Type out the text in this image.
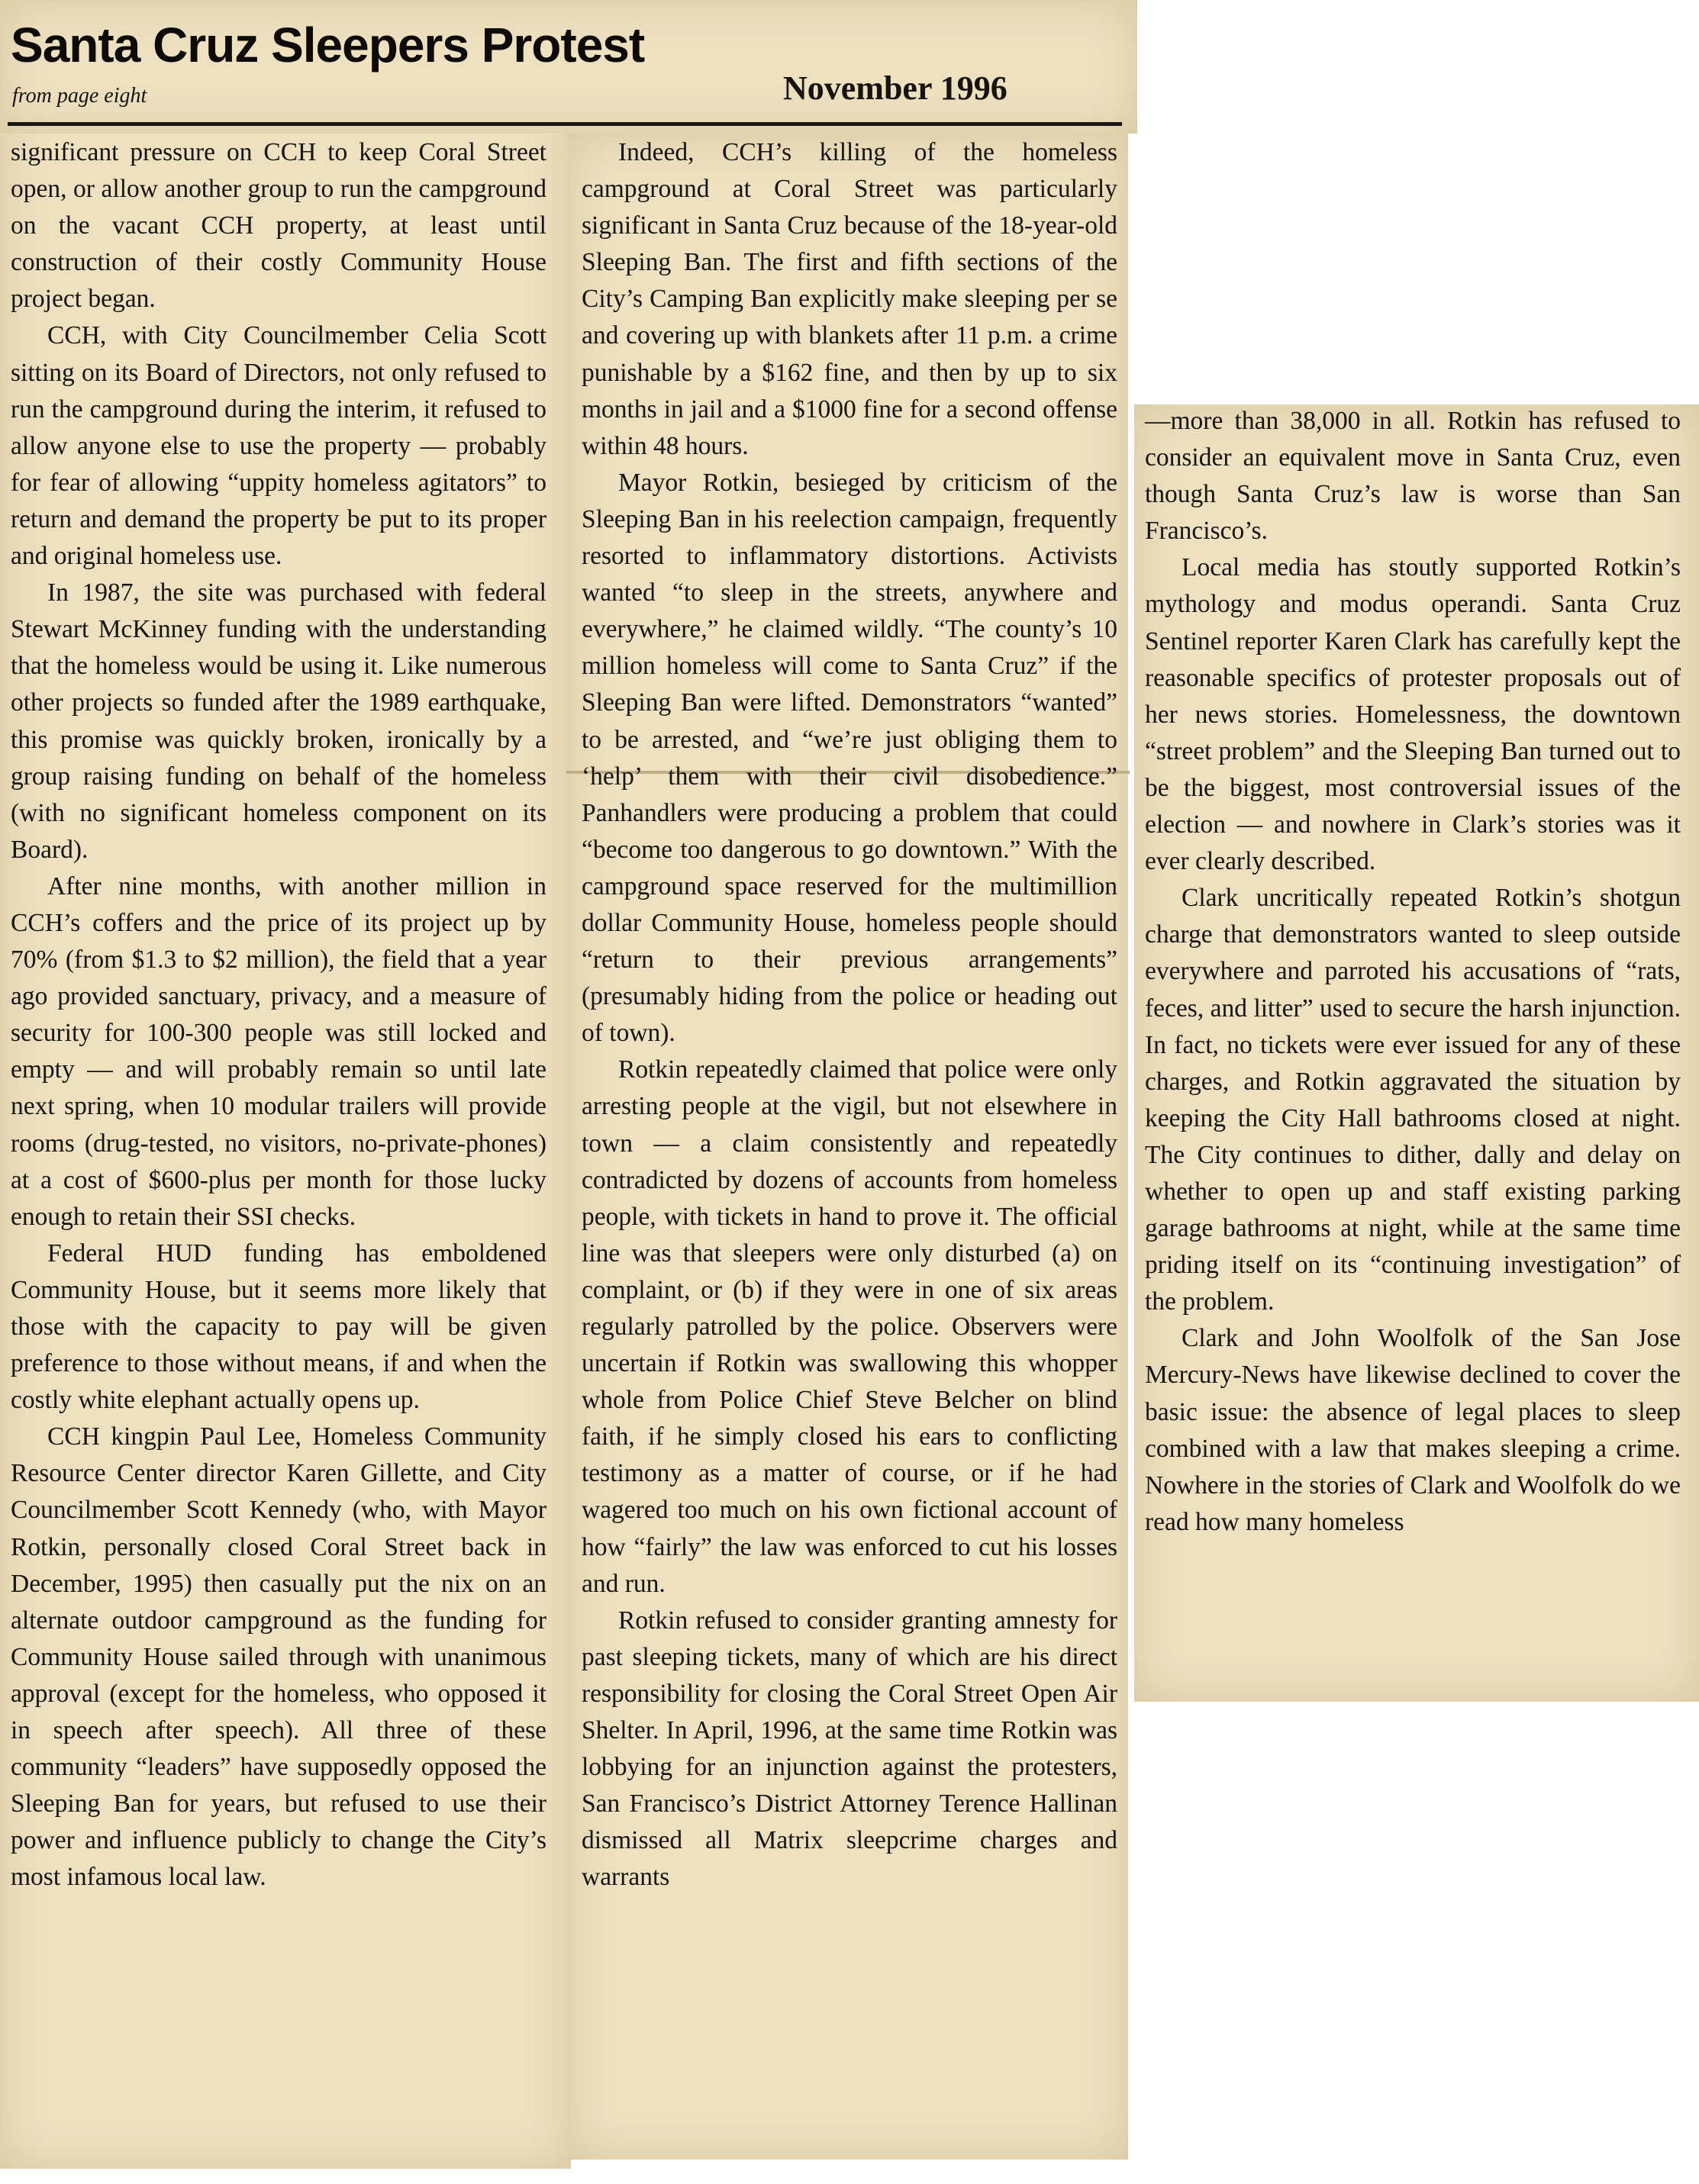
Santa Cruz Sleepers Protest
from page eight	November 1996

significant pressure on CCH to keep Coral Street open, or allow another group to run the campground on the vacant CCH property, at least until construction of their costly Community House project began.

CCH, with City Councilmember Celia Scott sitting on its Board of Directors, not only refused to run the campground during the interim, it refused to allow anyone else to use the property — probably for fear of allowing “uppity homeless agitators” to return and demand the property be put to its proper and original homeless use.

In 1987, the site was purchased with federal Stewart McKinney funding with the understanding that the homeless would be using it. Like numerous other projects so funded after the 1989 earthquake, this promise was quickly broken, ironically by a group raising funding on behalf of the homeless (with no significant homeless component on its Board).

After nine months, with another million in CCH’s coffers and the price of its project up by 70% (from $1.3 to $2 million), the field that a year ago provided sanctuary, privacy, and a measure of security for 100-300 people was still locked and empty — and will probably remain so until late next spring, when 10 modular trailers will provide rooms (drug-tested, no visitors, no-private-phones) at a cost of $600-plus per month for those lucky enough to retain their SSI checks.

Federal HUD funding has emboldened Community House, but it seems more likely that those with the capacity to pay will be given preference to those without means, if and when the costly white elephant actually opens up.

CCH kingpin Paul Lee, Homeless Community Resource Center director Karen Gillette, and City Councilmember Scott Kennedy (who, with Mayor Rotkin, personally closed Coral Street back in December, 1995) then casually put the nix on an alternate outdoor campground as the funding for Community House sailed through with unanimous approval (except for the homeless, who opposed it in speech after speech). All three of these community “leaders” have supposedly opposed the Sleeping Ban for years, but refused to use their power and influence publicly to change the City’s most infamous local law.

Indeed, CCH’s killing of the homeless campground at Coral Street was particularly significant in Santa Cruz because of the 18-year-old Sleeping Ban. The first and fifth sections of the City’s Camping Ban explicitly make sleeping per se and covering up with blankets after 11 p.m. a crime punishable by a $162 fine, and then by up to six months in jail and a $1000 fine for a second offense within 48 hours.

Mayor Rotkin, besieged by criticism of the Sleeping Ban in his reelection campaign, frequently resorted to inflammatory distortions. Activists wanted “to sleep in the streets, anywhere and everywhere,” he claimed wildly. “The county’s 10 million homeless will come to Santa Cruz” if the Sleeping Ban were lifted. Demonstrators “wanted” to be arrested, and “we’re just obliging them to ‘help’ them with their civil disobedience.” Panhandlers were producing a problem that could “become too dangerous to go downtown.” With the campground space reserved for the multimillion dollar Community House, homeless people should “return to their previous arrangements” (presumably hiding from the police or heading out of town).

Rotkin repeatedly claimed that police were only arresting people at the vigil, but not elsewhere in town — a claim consistently and repeatedly contradicted by dozens of accounts from homeless people, with tickets in hand to prove it. The official line was that sleepers were only disturbed (a) on complaint, or (b) if they were in one of six areas regularly patrolled by the police. Observers were uncertain if Rotkin was swallowing this whopper whole from Police Chief Steve Belcher on blind faith, if he simply closed his ears to conflicting testimony as a matter of course, or if he had wagered too much on his own fictional account of how “fairly” the law was enforced to cut his losses and run.

Rotkin refused to consider granting amnesty for past sleeping tickets, many of which are his direct responsibility for closing the Coral Street Open Air Shelter. In April, 1996, at the same time Rotkin was lobbying for an injunction against the protesters, San Francisco’s District Attorney Terence Hallinan dismissed all Matrix sleepcrime charges and warrants

—more than 38,000 in all. Rotkin has refused to consider an equivalent move in Santa Cruz, even though Santa Cruz’s law is worse than San Francisco’s.

Local media has stoutly supported Rotkin’s mythology and modus operandi. Santa Cruz Sentinel reporter Karen Clark has carefully kept the reasonable specifics of protester proposals out of her news stories. Homelessness, the downtown “street problem” and the Sleeping Ban turned out to be the biggest, most controversial issues of the election — and nowhere in Clark’s stories was it ever clearly described.

Clark uncritically repeated Rotkin’s shotgun charge that demonstrators wanted to sleep outside everywhere and parroted his accusations of “rats, feces, and litter” used to secure the harsh injunction. In fact, no tickets were ever issued for any of these charges, and Rotkin aggravated the situation by keeping the City Hall bathrooms closed at night. The City continues to dither, dally and delay on whether to open up and staff existing parking garage bathrooms at night, while at the same time priding itself on its “continuing investigation” of the problem.

Clark and John Woolfolk of the San Jose Mercury-News have likewise declined to cover the basic issue: the absence of legal places to sleep combined with a law that makes sleeping a crime. Nowhere in the stories of Clark and Woolfolk do we read how many homeless
